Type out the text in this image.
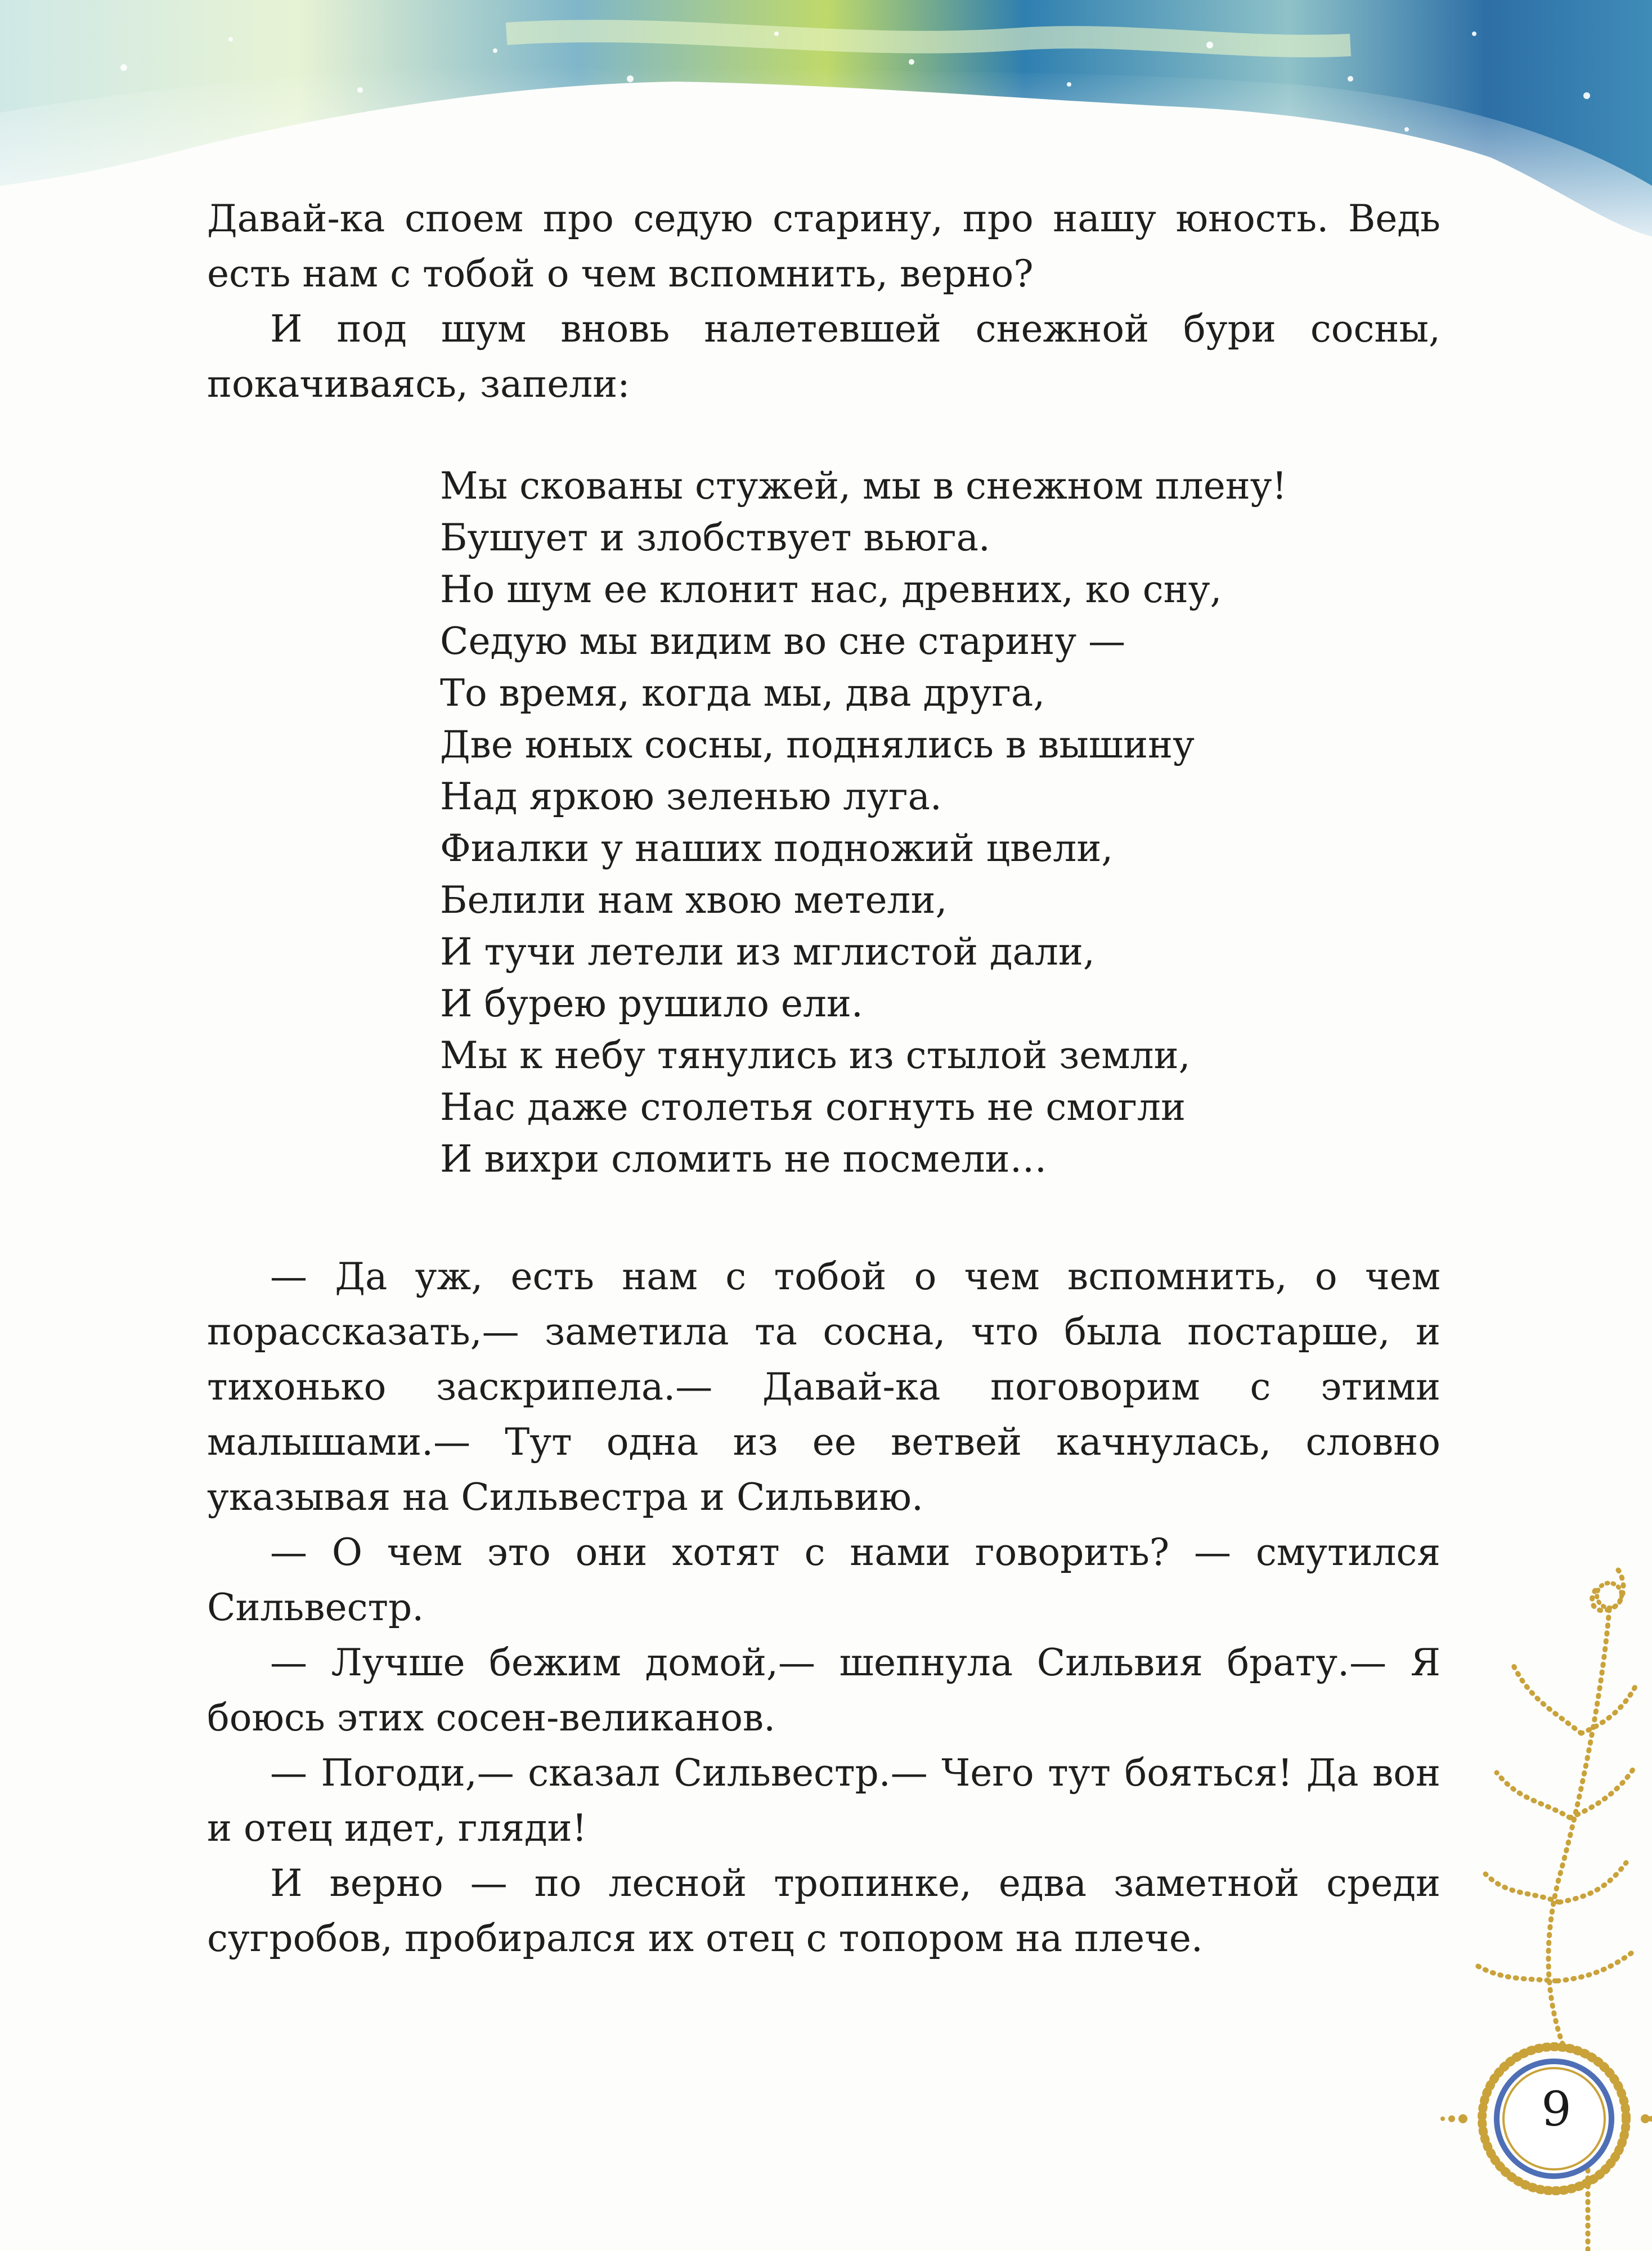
Давай-ка споем про седую старину, про нашу юность. Ведь есть нам с тобой о чем вспомнить, верно?

И под шум вновь налетевшей снежной бури сосны, покачиваясь, запели:

Мы скованы стужей, мы в снежном плену!
Бушует и злобствует вьюга.
Но шум ее клонит нас, древних, ко сну,
Седую мы видим во сне старину —
То время, когда мы, два друга,
Две юных сосны, поднялись в вышину
Над яркою зеленью луга.
Фиалки у наших подножий цвели,
Белили нам хвою метели,
И тучи летели из мглистой дали,
И бурею рушило ели.
Мы к небу тянулись из стылой земли,
Нас даже столетья согнуть не смогли
И вихри сломить не посмели…

— Да уж, есть нам с тобой о чем вспомнить, о чем порассказать,— заметила та сосна, что была постарше, и тихонько заскрипела.— Давай-ка поговорим с этими малышами.— Тут одна из ее ветвей качнулась, словно указывая на Сильвестра и Сильвию.

— О чем это они хотят с нами говорить? — смутился Сильвестр.

— Лучше бежим домой,— шепнула Сильвия брату.— Я боюсь этих сосен-великанов.

— Погоди,— сказал Сильвестр.— Чего тут бояться! Да вон и отец идет, гляди!

И верно — по лесной тропинке, едва заметной среди сугробов, пробирался их отец с топором на плече.

9
